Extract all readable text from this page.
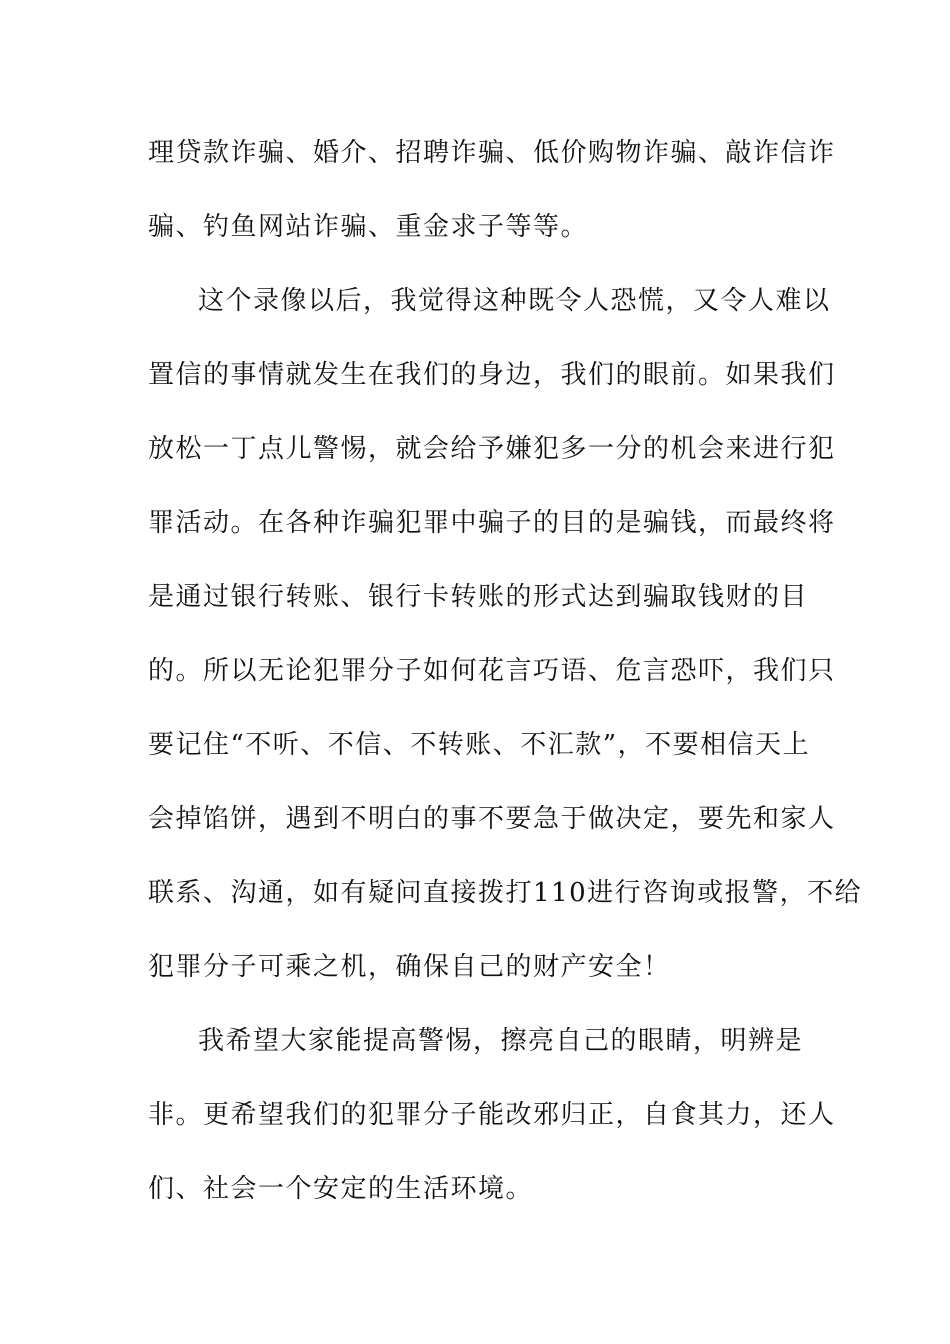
理贷款诈骗、婚介、招聘诈骗、低价购物诈骗、敲诈信诈
骗、钓鱼网站诈骗、重金求子等等。
这个录像以后，我觉得这种既令人恐慌，又令人难以
置信的事情就发生在我们的身边，我们的眼前。如果我们
放松一丁点儿警惕，就会给予嫌犯多一分的机会来进行犯
罪活动。在各种诈骗犯罪中骗子的目的是骗钱，而最终将
是通过银行转账、银行卡转账的形式达到骗取钱财的目
的。所以无论犯罪分子如何花言巧语、危言恐吓，我们只
要记住“不听、不信、不转账、不汇款”，不要相信天上
会掉馅饼，遇到不明白的事不要急于做决定，要先和家人
联系、沟通，如有疑问直接拨打110进行咨询或报警，不给
犯罪分子可乘之机，确保自己的财产安全！
我希望大家能提高警惕，擦亮自己的眼睛，明辨是
非。更希望我们的犯罪分子能改邪归正，自食其力，还人
们、社会一个安定的生活环境。
